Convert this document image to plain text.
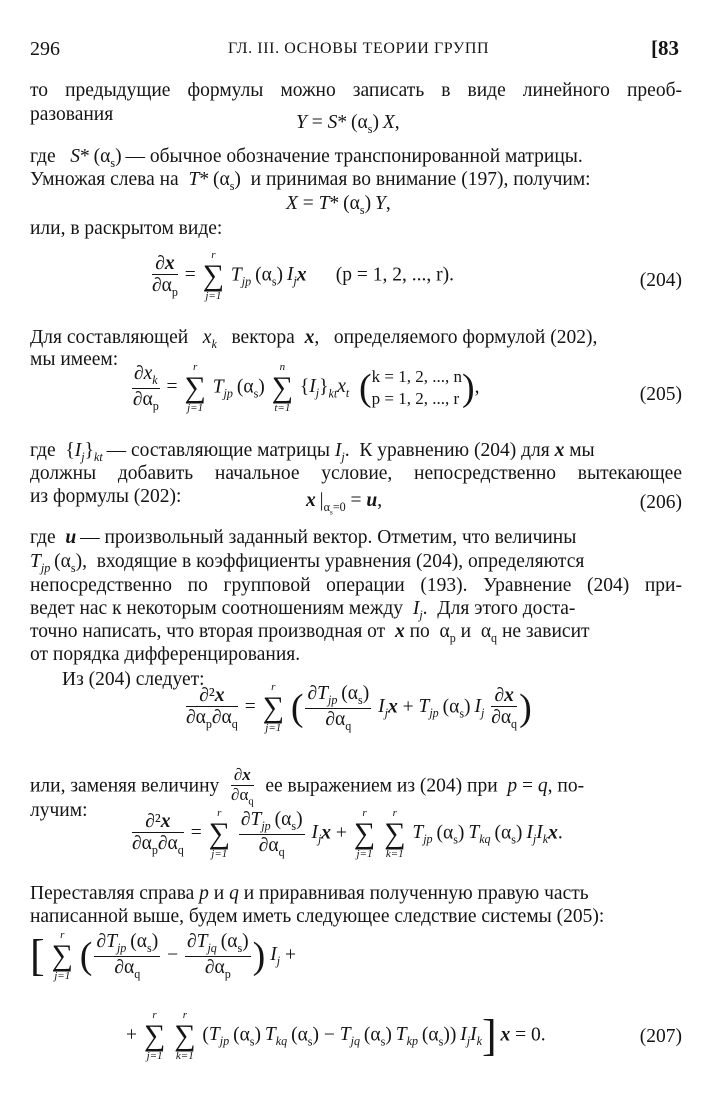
296	ГЛ. III. ОСНОВЫ ТЕОРИИ ГРУПП	[83
то предыдущие формулы можно записать в виде линейного преоб-
разования	Y = S* $(\alpha_s)$ X,
где S* $(\alpha_s)$ — обычное обозначение транспонированной матрицы.
Умножая слева на T* $(\alpha_s)$  и принимая во внимание (197), получим:
X = T* $(\alpha_s)$ Y,
или, в раскрытом виде:
$\frac{\partial x}{\partial\alpha_p}$ =
r
∑
j=1
$T_{jp}$ $(\alpha_s)$ $I_jx$ (p = 1, 2, ..., r).	(204)
Для составляющей $x_k$ вектора x,   определяемого формулой (202),
мы имеем:
$\frac{\partial x_k}{\partial\alpha_p}$ =
r
∑
j=1
$T_{jp}$ $(\alpha_s)$
n
∑
t=1
$\{I_j\}_{kt}x_t$ ( k = 1, 2, ..., n
p = 1, 2, ..., r ),	(205)
где  $\{I_j\}_{kt}$  — составляющие матрицы $I_j$.  К уравнению (204) для x мы
должны добавить начальное условие, непосредственно вытекающее
из формулы (202):	x $|_{\alpha_s=0} = u$,	(206)
где u  — произвольный заданный вектор. Отметим, что величины
$T_{jp}$ $(\alpha_s)$,  входящие в коэффициенты уравнения (204), определяются
непосредственно по групповой операции (193). Уравнение (204) при-
ведет нас к некоторым соотношениям между $I_j$.  Для этого доста-
точно написать, что вторая производная от x по  $\alpha_p$ и  $\alpha_q$ не зависит
от порядка дифференцирования.
Из (204) следует:
$\frac{\text{∂²x}}{\partial\alpha_p\partial\alpha_q}$ =
r
∑
j=1 ( $\frac{\partial T_{jp} (\alpha_s)}{\partial\alpha_q} I_jx + T_{jp}$ $(\alpha_s)$ $I_j \frac{\partial x}{\partial\alpha_q}$ )
или, заменяя величину $\frac{\partial x}{\partial\alpha_q}$ ее выражением из (204) при p = q, по-
лучим:
$\frac{\text{∂²x}}{\partial\alpha_p\partial\alpha_q}$ =
r
∑
j=1
$\frac{\partial T_{jp} (\alpha_s)}{\partial\alpha_q} I_jx$ +
r
∑
j=1

r
∑
k=1
$T_{jp}$ $(\alpha_s)$ $T_{kq}$ $(\alpha_s)$ $I_jI_kx$.
Переставляя справа p и q и приравнивая полученную правую часть
написанной выше, будем иметь следующее следствие системы (205):
[	r
∑
j=1 ( $\frac{\partial T_{jp} (\alpha_s)}{\partial\alpha_q} - \frac{\partial T_{jq} (\alpha_s)}{\partial\alpha_p}$ ) $I_j$ +
+
r
∑
j=1

r
∑
k=1
($T_{jp}$ $(\alpha_s)$ $T_{kq}$ $(\alpha_s) - T_{jq}$ $(\alpha_s)$ $T_{kp}$ $(\alpha_s)$) $I_jI_k$]  x = 0.	(207)
